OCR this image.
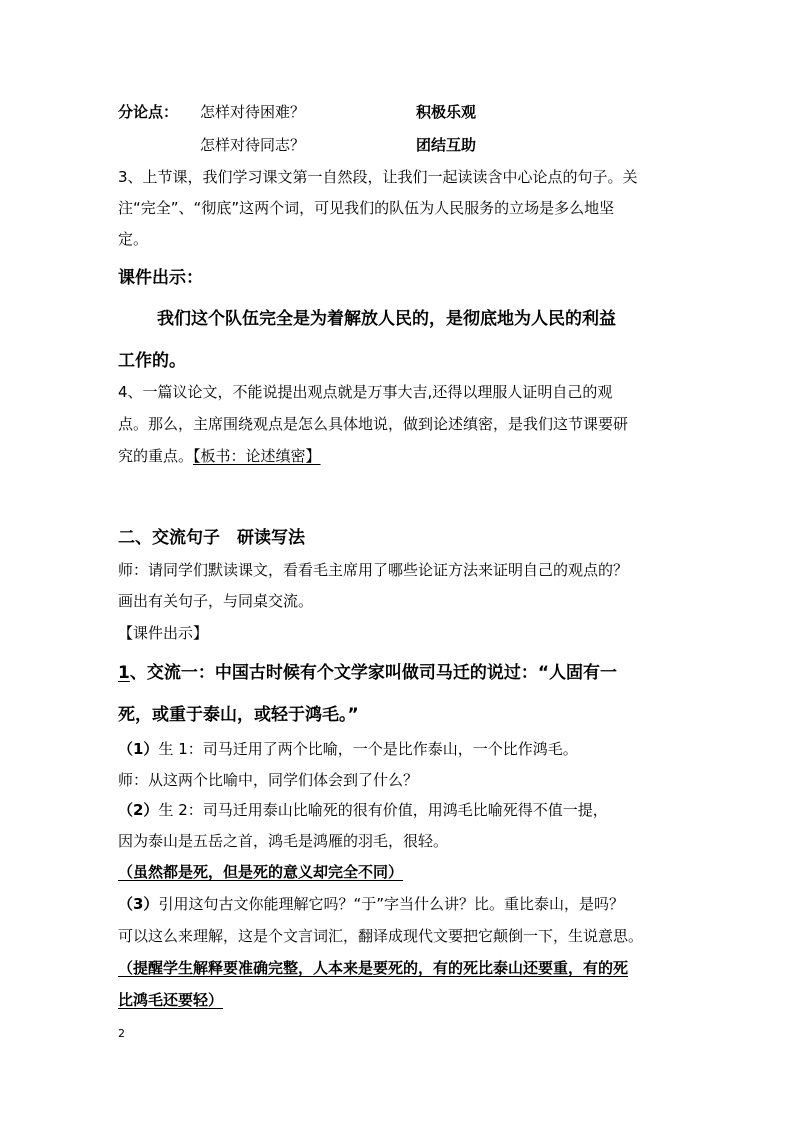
分论点： 怎样对待困难？	积极乐观
怎样对待同志？	团结互助
3、上节课，我们学习课文第一自然段，让我们一起读读含中心论点的句子。关
注“完全”、“彻底”这两个词，可见我们的队伍为人民服务的立场是多么地坚
定。
课件出示：
我们这个队伍完全是为着解放人民的，是彻底地为人民的利益
工作的。
4、一篇议论文，不能说提出观点就是万事大吉,还得以理服人证明自己的观
点。那么，主席围绕观点是怎么具体地说，做到论述缜密，是我们这节课要研
究的重点。【板书：论述缜密】
二、交流句子　研读写法
师：请同学们默读课文，看看毛主席用了哪些论证方法来证明自己的观点的？
画出有关句子，与同桌交流。
【课件出示】
1、交流一：中国古时候有个文学家叫做司马迁的说过：“人固有一
死，或重于泰山，或轻于鸿毛。”
（1）生 1：司马迁用了两个比喻，一个是比作泰山，一个比作鸿毛。
师：从这两个比喻中，同学们体会到了什么？
（2）生 2：司马迁用泰山比喻死的很有价值，用鸿毛比喻死得不值一提，
因为泰山是五岳之首，鸿毛是鸿雁的羽毛，很轻。
（虽然都是死，但是死的意义却完全不同）
（3）引用这句古文你能理解它吗？“于”字当什么讲？比。重比泰山，是吗？
可以这么来理解，这是个文言词汇，翻译成现代文要把它颠倒一下，生说意思。
（提醒学生解释要准确完整，人本来是要死的，有的死比泰山还要重，有的死
比鸿毛还要轻）
2
